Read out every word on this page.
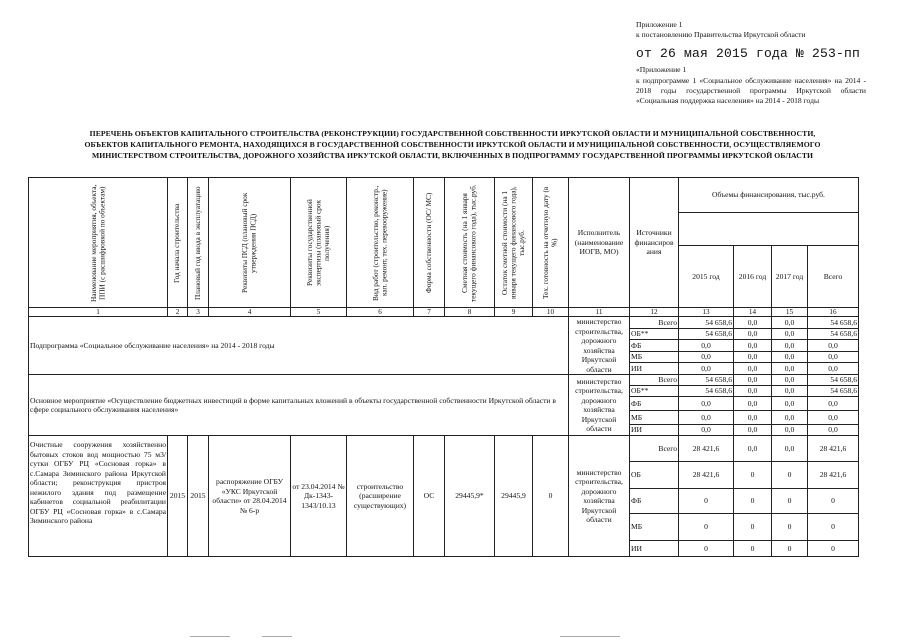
Приложение 1
к постановлению Правительства Иркутской области
от 26 мая 2015 года № 253-пп
«Приложение 1
к подпрограмме 1 «Социальное обслуживание населения» на 2014 - 2018 годы государственной программы Иркутской области «Социальная поддержка населения» на 2014 - 2018 годы
ПЕРЕЧЕНЬ ОБЪЕКТОВ КАПИТАЛЬНОГО СТРОИТЕЛЬСТВА (РЕКОНСТРУКЦИИ) ГОСУДАРСТВЕННОЙ СОБСТВЕННОСТИ ИРКУТСКОЙ ОБЛАСТИ И МУНИЦИПАЛЬНОЙ СОБСТВЕННОСТИ,
ОБЪЕКТОВ КАПИТАЛЬНОГО РЕМОНТА, НАХОДЯЩИХСЯ В ГОСУДАРСТВЕННОЙ СОБСТВЕННОСТИ ИРКУТСКОЙ ОБЛАСТИ И МУНИЦИПАЛЬНОЙ СОБСТВЕННОСТИ, ОСУЩЕСТВЛЯЕМОГО
МИНИСТЕРСТВОМ СТРОИТЕЛЬСТВА, ДОРОЖНОГО ХОЗЯЙСТВА ИРКУТСКОЙ ОБЛАСТИ, ВКЛЮЧЕННЫХ В ПОДПРОГРАММУ ГОСУДАРСТВЕННОЙ ПРОГРАММЫ ИРКУТСКОЙ ОБЛАСТИ
Наименование мероприятия, объекта, ППИ (с расшифровкой по объектам)	Год начала строительства	Плановый год ввода в эксплуатацию	Реквизиты ПСД (плановый срок утверждения ПСД)	Реквизиты государственной экспертизы (плановый срок получения)	Вид работ (строительство, реконстр., кап. ремонт, тех. перевооружение)	Форма собственности (ОС/ МС)	Сметная стоимость (на 1 января текущего финансового года), тыс.руб.	Остаток сметной стоимости (на 1 января текущего финансового года), тыс.руб.	Тех. готовность на отчетную дату (в %)	Исполнитель (наименование ИОГВ, МО)	Источники финансиров ания	Объемы финансирования, тыс.руб.			

												2015 год	2016 год	2017 год	Всего
1	2	3	4	5	6	7	8	9	10	11	12	13	14	15	16
Подпрограмма «Социальное обслуживание населения» на 2014 - 2018 годы										министерство строительства, дорожного хозяйства Иркутской области	Всего	54 658,6	0,0	0,0	54 658,6
											ОБ**	54 658,6	0,0	0,0	54 658,6
											ФБ	0,0	0,0	0,0	0,0
											МБ	0,0	0,0	0,0	0,0
											ИИ	0,0	0,0	0,0	0,0
Основное мероприятие «Осуществление бюджетных инвестиций в форме капитальных вложений в объекты государственной собственности Иркутской области в сфере социального обслуживания населения»										министерство строительства, дорожного хозяйства Иркутской области	Всего	54 658,6	0,0	0,0	54 658,6
											ОБ**	54 658,6	0,0	0,0	54 658,6
											ФБ	0,0	0,0	0,0	0,0
											МБ	0,0	0,0	0,0	0,0
											ИИ	0,0	0,0	0,0	0,0
Очистные сооружения хозяйственно бытовых стоков вод мощностью 75 м3/сутки ОГБУ РЦ «Сосновая горка» в с.Самара Зиминского района Иркутской области; реконструкция пристроя нежилого здания под размещение кабинетов социальной реабилитации ОГБУ РЦ «Сосновая горка» в с.Самара Зиминского района	2015	2015	распоряжение ОГБУ «УКС Иркутской области» от 28.04.2014 № 6-р	от 23.04.2014 № Дк-1343-1343/10.13	строительство (расширение существующих)	ОС	29445,9*	29445,9	0	министерство строительства, дорожного хозяйства Иркутской области	Всего	28 421,6	0,0	0,0	28 421,6
											ОБ	28 421,6	0	0	28 421,6
											ФБ	0	0	0	0
											МБ	0	0	0	0
											ИИ	0	0	0	0
